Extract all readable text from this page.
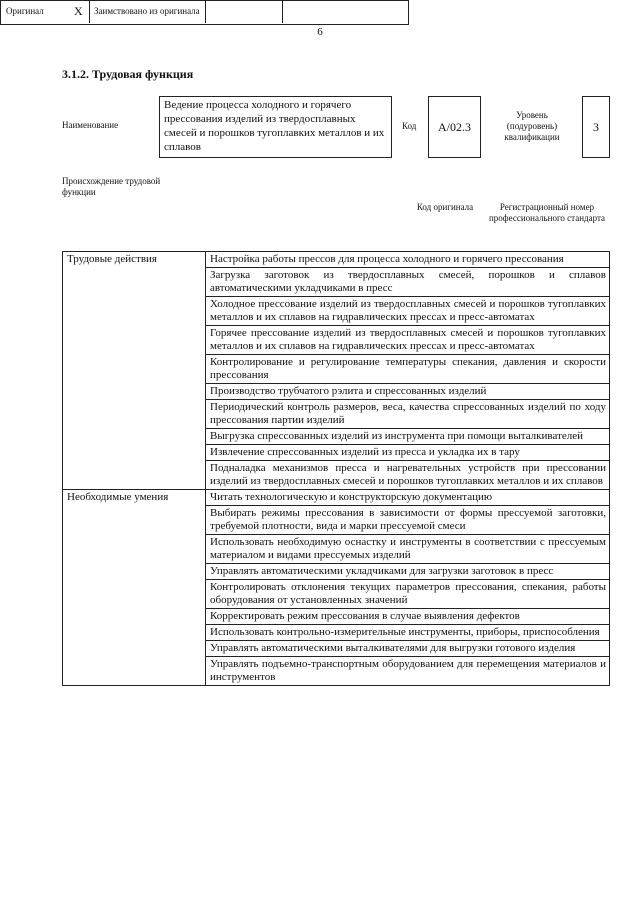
6
3.1.2. Трудовая функция
Наименование
Ведение процесса холодного и горячего прессования изделий из твердосплавных смесей и порошков тугоплавких металлов и их сплавов
Код	A/02.3
Уровень (подуровень) квалификации
3
Происхождение трудовой функции
Оригинал	X	Заимствовано из оригинала
Код оригинала	Регистрационный номер профессионального стандарта
Трудовые действия	Настройка работы прессов для процесса холодного и горячего прессования
	Загрузка заготовок из твердосплавных смесей, порошков и сплавов автоматическими укладчиками в пресс
	Холодное прессование изделий из твердосплавных смесей и порошков тугоплавких металлов и их сплавов на гидравлических прессах и пресс-автоматах
	Горячее прессование изделий из твердосплавных смесей и порошков тугоплавких металлов и их сплавов на гидравлических прессах и пресс-автоматах
	Контролирование и регулирование температуры спекания, давления и скорости прессования
	Производство трубчатого рэлита и спрессованных изделий
	Периодический контроль размеров, веса, качества спрессованных изделий по ходу прессования партии изделий
	Выгрузка спрессованных изделий из инструмента при помощи выталкивателей
	Извлечение спрессованных изделий из пресса и укладка их в тару
	Подналадка механизмов пресса и нагревательных устройств при прессовании изделий из твердосплавных смесей и порошков тугоплавких металлов и их сплавов
Необходимые умения	Читать технологическую и конструкторскую документацию
	Выбирать режимы прессования в зависимости от формы прессуемой заготовки, требуемой плотности, вида и марки прессуемой смеси
	Использовать необходимую оснастку и инструменты в соответствии с прессуемым материалом и видами прессуемых изделий
	Управлять автоматическими укладчиками для загрузки заготовок в пресс
	Контролировать отклонения текущих параметров прессования, спекания, работы оборудования от установленных значений
	Корректировать режим прессования в случае выявления дефектов
	Использовать контрольно-измерительные инструменты, приборы, приспособления
	Управлять автоматическими выталкивателями для выгрузки готового изделия
	Управлять подъемно-транспортным оборудованием для перемещения материалов и инструментов
